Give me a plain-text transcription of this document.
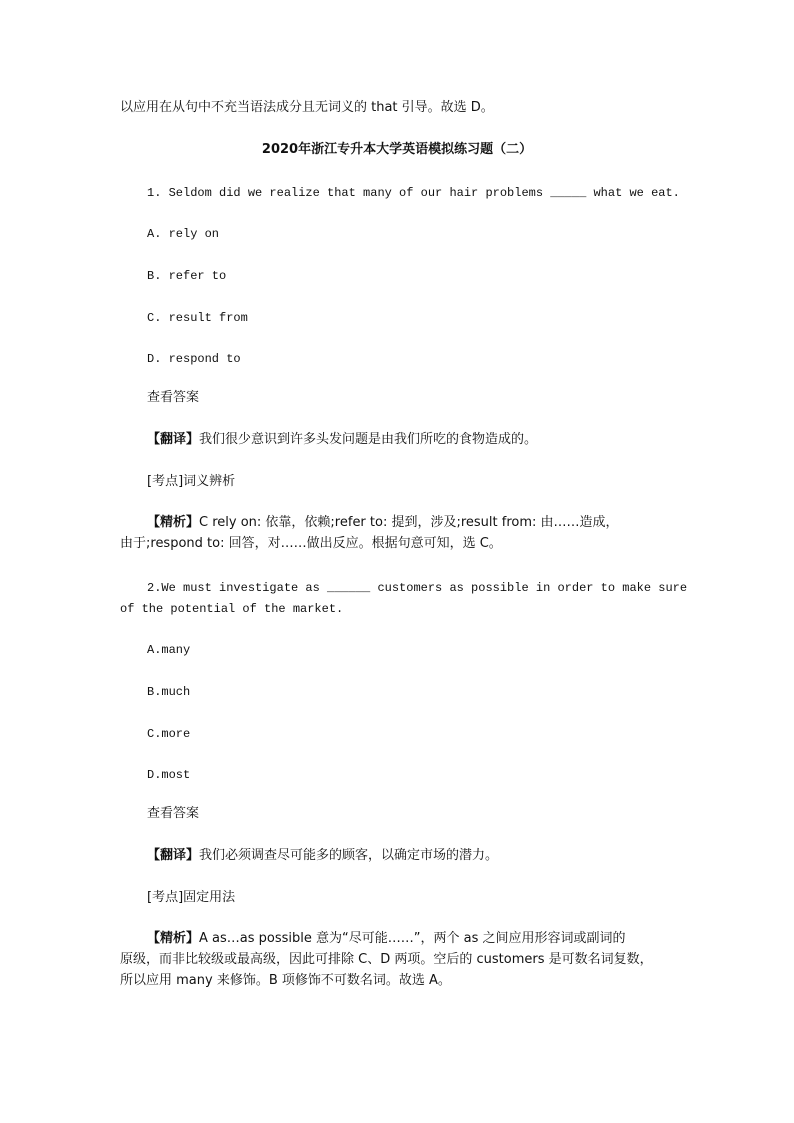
以应用在从句中不充当语法成分且无词义的 that 引导。故选 D。
2020年浙江专升本大学英语模拟练习题（二）
1. Seldom did we realize that many of our hair problems _____ what we eat.
A. rely on
B. refer to
C. result from
D. respond to
查看答案
【翻译】我们很少意识到许多头发问题是由我们所吃的食物造成的。
[考点]词义辨析
【精析】C rely on: 依靠，依赖;refer to: 提到，涉及;result from: 由……造成，
由于;respond to: 回答，对……做出反应。根据句意可知，选 C。
2.We must investigate as ______ customers as possible in order to make sure
of the potential of the market.
A.many
B.much
C.more
D.most
查看答案
【翻译】我们必须调查尽可能多的顾客，以确定市场的潜力。
[考点]固定用法
【精析】A as…as possible 意为“尽可能……”，两个 as 之间应用形容词或副词的
原级，而非比较级或最高级，因此可排除 C、D 两项。空后的 customers 是可数名词复数，
所以应用 many 来修饰。B 项修饰不可数名词。故选 A。
